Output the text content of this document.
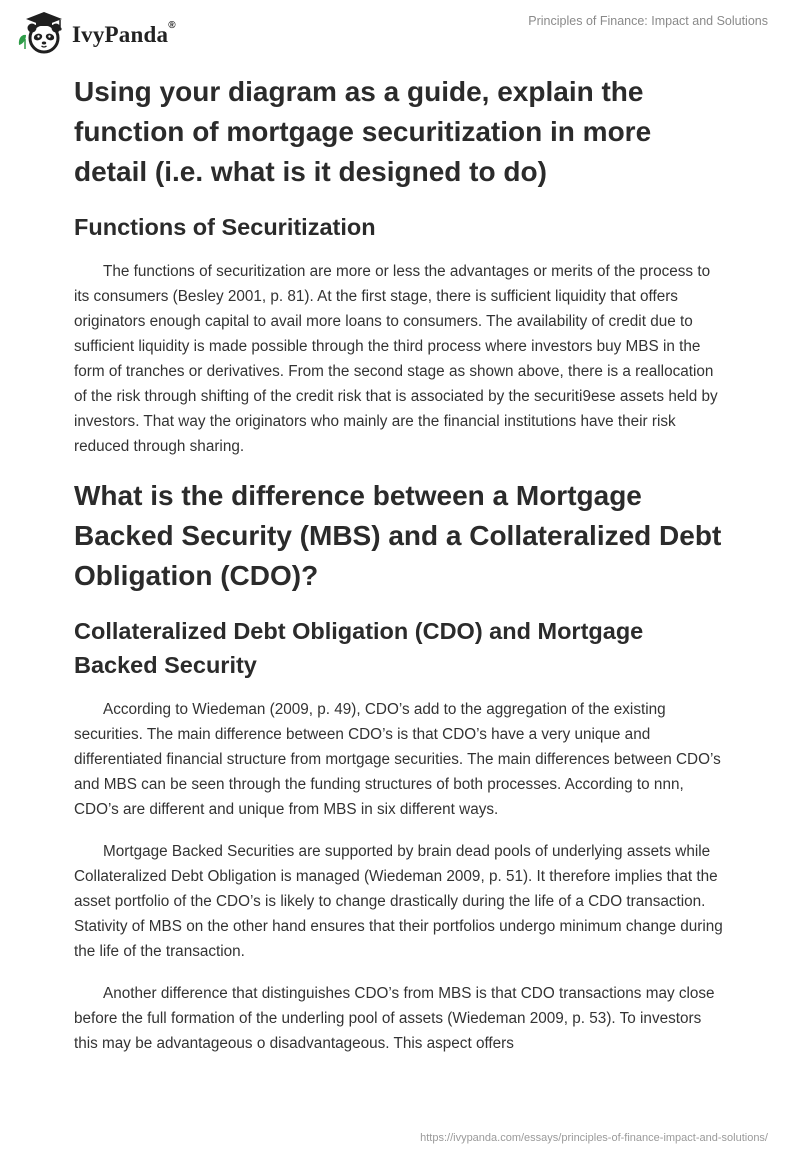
IvyPanda®	Principles of Finance: Impact and Solutions
Using your diagram as a guide, explain the function of mortgage securitization in more detail (i.e. what is it designed to do)
Functions of Securitization

The functions of securitization are more or less the advantages or merits of the process to its consumers (Besley 2001, p. 81). At the first stage, there is sufficient liquidity that offers originators enough capital to avail more loans to consumers. The availability of credit due to sufficient liquidity is made possible through the third process where investors buy MBS in the form of tranches or derivatives. From the second stage as shown above, there is a reallocation of the risk through shifting of the credit risk that is associated by the securiti9ese assets held by investors. That way the originators who mainly are the financial institutions have their risk reduced through sharing.

What is the difference between a Mortgage Backed Security (MBS) and a Collateralized Debt Obligation (CDO)?
Collateralized Debt Obligation (CDO) and Mortgage Backed Security

According to Wiedeman (2009, p. 49), CDO’s add to the aggregation of the existing securities. The main difference between CDO’s is that CDO’s have a very unique and differentiated financial structure from mortgage securities. The main differences between CDO’s and MBS can be seen through the funding structures of both processes. According to nnn, CDO’s are different and unique from MBS in six different ways.

Mortgage Backed Securities are supported by brain dead pools of underlying assets while Collateralized Debt Obligation is managed (Wiedeman 2009, p. 51). It therefore implies that the asset portfolio of the CDO’s is likely to change drastically during the life of a CDO transaction. Stativity of MBS on the other hand ensures that their portfolios undergo minimum change during the life of the transaction.

Another difference that distinguishes CDO’s from MBS is that CDO transactions may close before the full formation of the underling pool of assets (Wiedeman 2009, p. 53). To investors this may be advantageous o disadvantageous. This aspect offers

https://ivypanda.com/essays/principles-of-finance-impact-and-solutions/
